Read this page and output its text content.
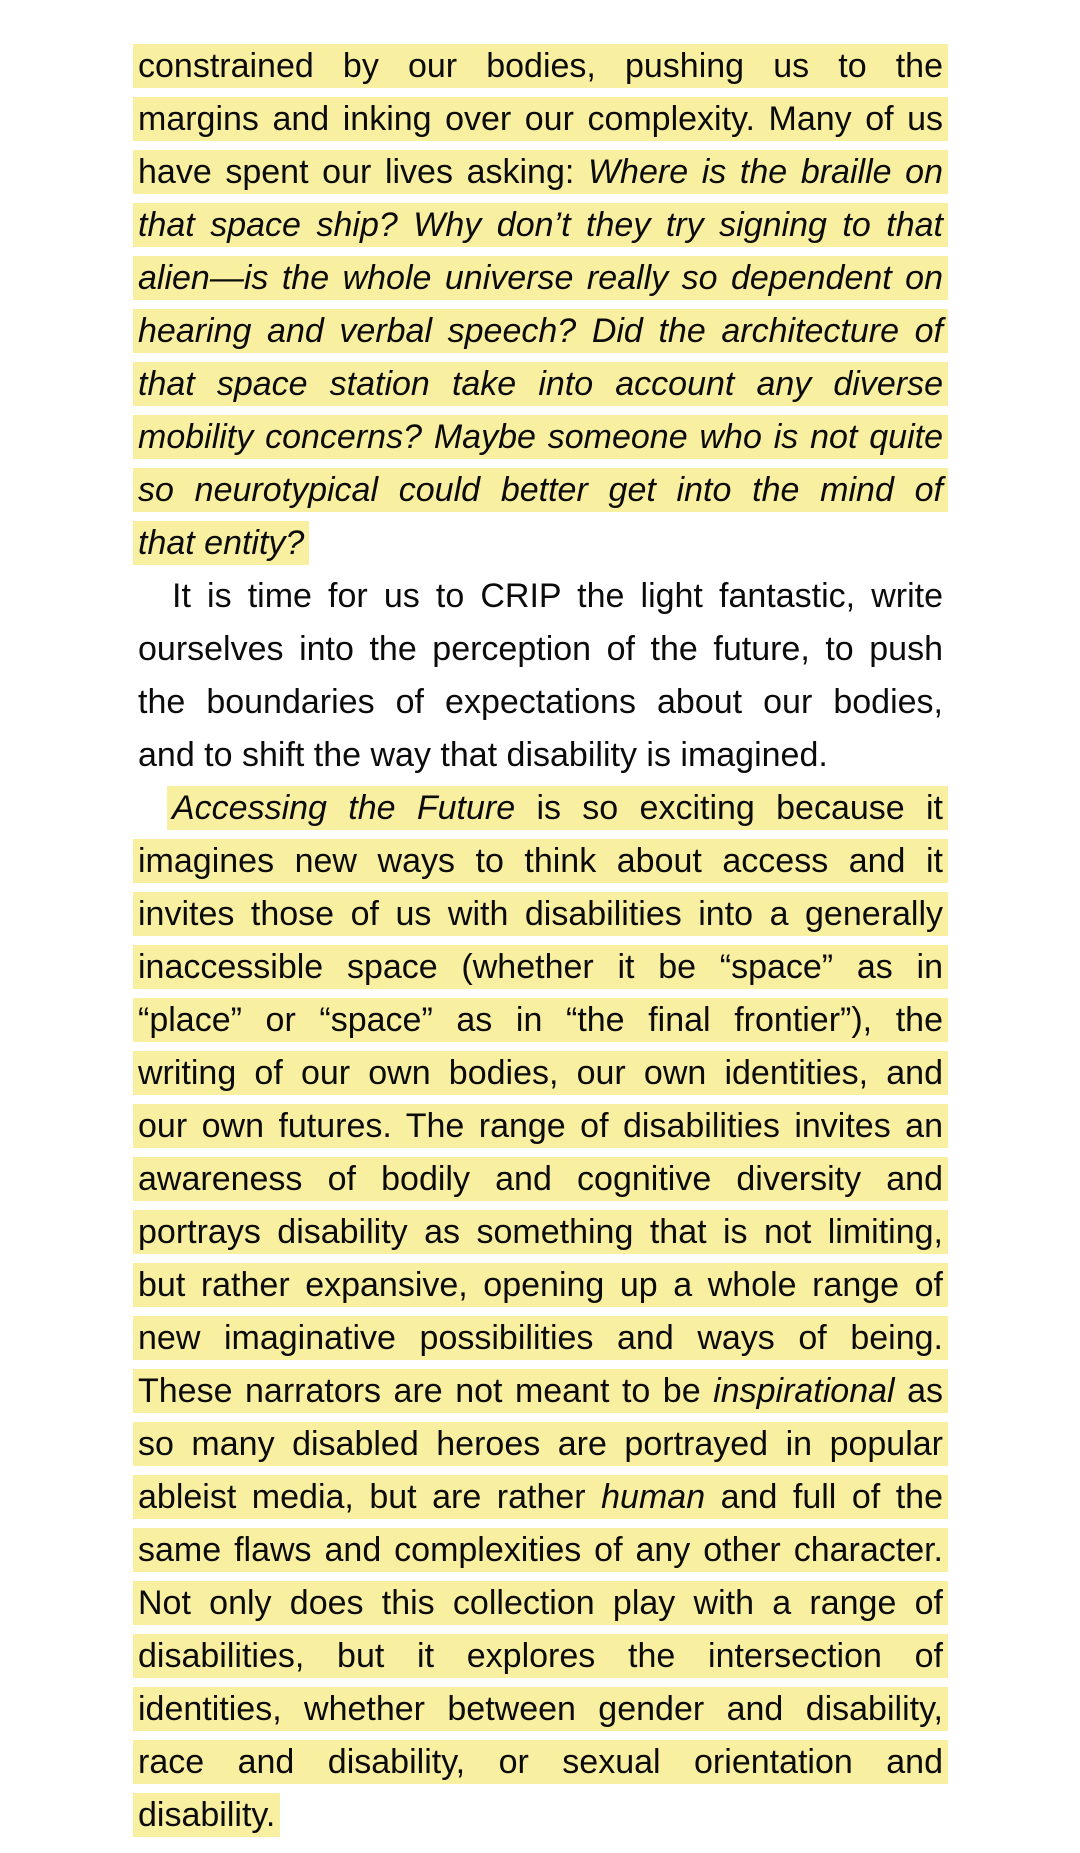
constrained by our bodies, pushing us to the
margins and inking over our complexity. Many of us
have spent our lives asking: Where is the braille on
that space ship? Why don’t they try signing to that
alien—is the whole universe really so dependent on
hearing and verbal speech? Did the architecture of
that space station take into account any diverse
mobility concerns? Maybe someone who is not quite
so neurotypical could better get into the mind of
that entity?
It is time for us to CRIP the light fantastic, write
ourselves into the perception of the future, to push
the boundaries of expectations about our bodies,
and to shift the way that disability is imagined.
Accessing the Future is so exciting because it
imagines new ways to think about access and it
invites those of us with disabilities into a generally
inaccessible space (whether it be “space” as in
“place” or “space” as in “the final frontier”), the
writing of our own bodies, our own identities, and
our own futures. The range of disabilities invites an
awareness of bodily and cognitive diversity and
portrays disability as something that is not limiting,
but rather expansive, opening up a whole range of
new imaginative possibilities and ways of being.
These narrators are not meant to be inspirational as
so many disabled heroes are portrayed in popular
ableist media, but are rather human and full of the
same flaws and complexities of any other character.
Not only does this collection play with a range of
disabilities, but it explores the intersection of
identities, whether between gender and disability,
race and disability, or sexual orientation and
disability.
